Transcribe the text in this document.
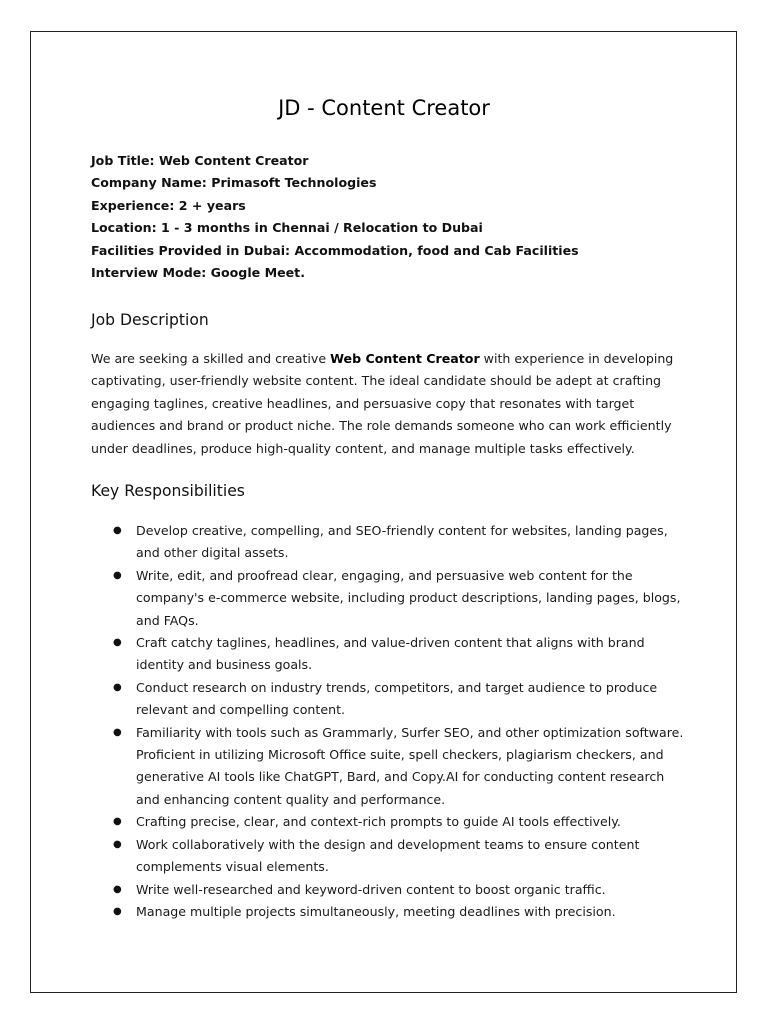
JD - Content Creator
Job Title: Web Content Creator
Company Name: Primasoft Technologies
Experience: 2 + years
Location: 1 - 3 months in Chennai / Relocation to Dubai
Facilities Provided in Dubai: Accommodation, food and Cab Facilities
Interview Mode: Google Meet.
Job Description

We are seeking a skilled and creative Web Content Creator with experience in developing captivating, user-friendly website content. The ideal candidate should be adept at crafting engaging taglines, creative headlines, and persuasive copy that resonates with target audiences and brand or product niche. The role demands someone who can work efficiently under deadlines, produce high-quality content, and manage multiple tasks effectively.

Key Responsibilities
● Develop creative, compelling, and SEO-friendly content for websites, landing pages, and other digital assets.
● Write, edit, and proofread clear, engaging, and persuasive web content for the company's e-commerce website, including product descriptions, landing pages, blogs, and FAQs.
● Craft catchy taglines, headlines, and value-driven content that aligns with brand identity and business goals.
● Conduct research on industry trends, competitors, and target audience to produce relevant and compelling content.
● Familiarity with tools such as Grammarly, Surfer SEO, and other optimization software. Proficient in utilizing Microsoft Office suite, spell checkers, plagiarism checkers, and generative AI tools like ChatGPT, Bard, and Copy.AI for conducting content research and enhancing content quality and performance.
● Crafting precise, clear, and context-rich prompts to guide AI tools effectively.
● Work collaboratively with the design and development teams to ensure content complements visual elements.
● Write well-researched and keyword-driven content to boost organic traffic.
● Manage multiple projects simultaneously, meeting deadlines with precision.
